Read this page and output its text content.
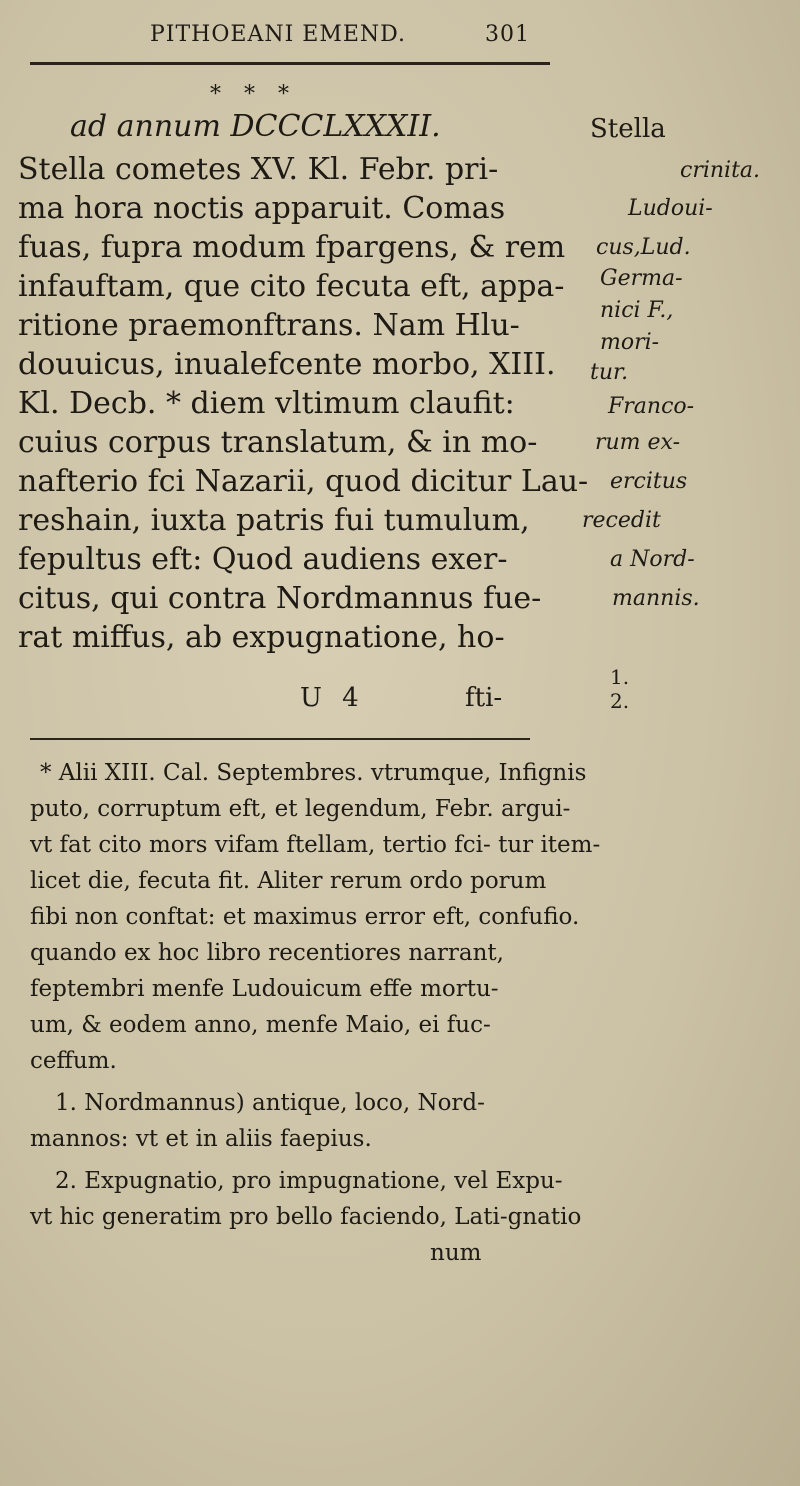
PITHOEANI EMEND.	301
* * *
ad annum DCCCLXXXII.
Stella cometes XV. Kl. Febr. pri-
ma hora noctis apparuit. Comas
fuas, fupra modum fpargens, & rem
infauftam, que cito fecuta eft, appa-
ritione praemonftrans. Nam Hlu-
douuicus, inualefcente morbo, XIII.
Kl. Decb. * diem vltimum claufit:
cuius corpus translatum, & in mo-
nafterio fci Nazarii, quod dicitur Lau-
reshain, iuxta patris fui tumulum,
fepultus eft: Quod audiens exer-
citus, qui contra Nordmannus fue-
rat miffus, ab expugnatione, ho-
Stella
crinita.
Ludoui-
cus,Lud.
Germa-
nici F.,
mori-
tur.
Franco-
rum ex-
ercitus
recedit
a Nord-
mannis.
1.
2.
U 4	fti-
* Alii XIII. Cal. Septembres. vtrumque, Infignis
puto, corruptum eft, et legendum, Febr. argui-
vt fat cito mors vifam ftellam, tertio fci- tur item-
licet die, fecuta fit. Aliter rerum ordo porum
fibi non conftat: et maximus error eft, confufio.
quando ex hoc libro recentiores narrant,
feptembri menfe Ludouicum effe mortu-
um, & eodem anno, menfe Maio, ei fuc-
ceffum.
1. Nordmannus) antique, loco, Nord-
mannos: vt et in aliis faepius.
2. Expugnatio, pro impugnatione, vel Expu-
vt hic generatim pro bello faciendo, Lati-gnatio
num
